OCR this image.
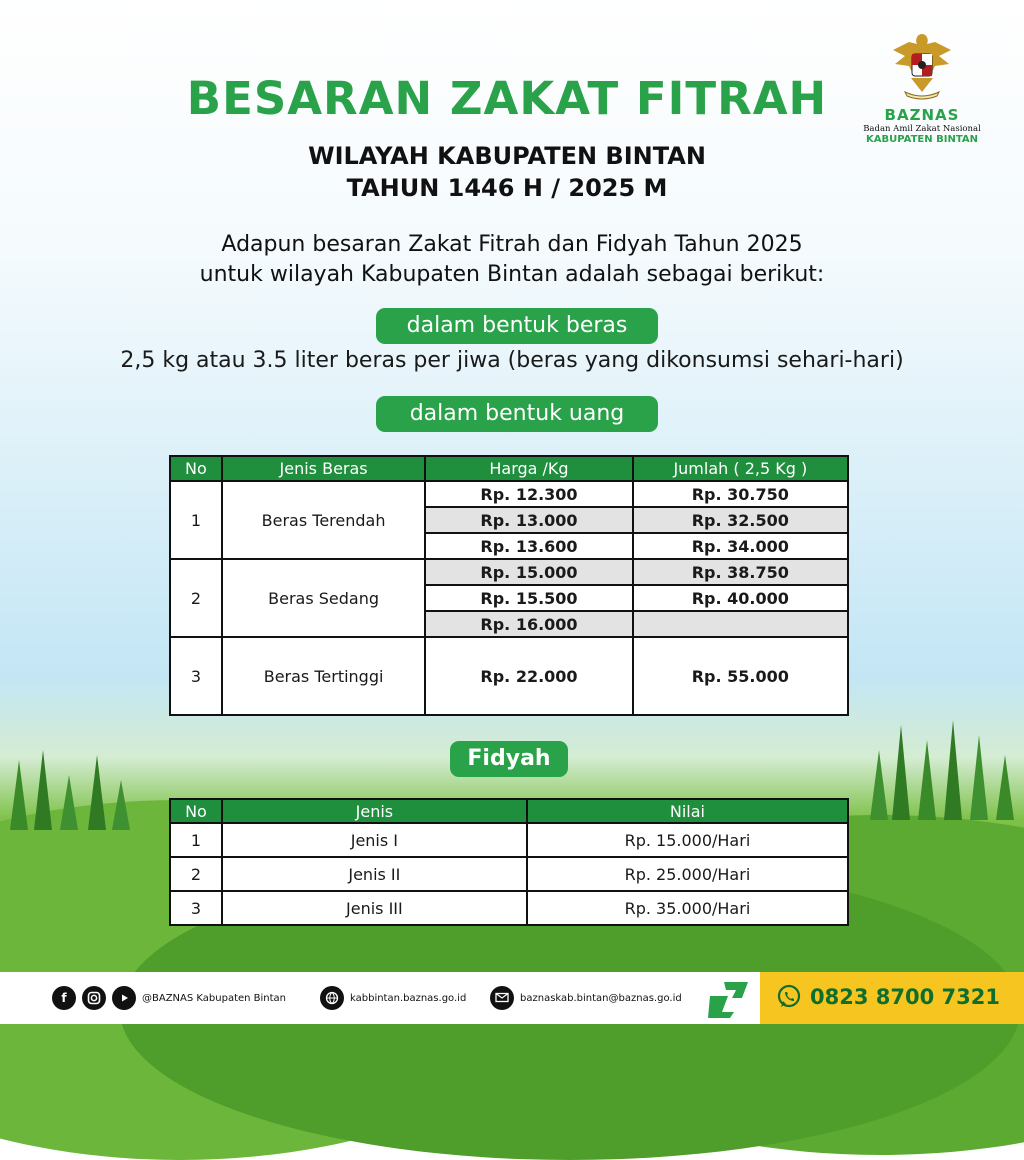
BAZNAS
Badan Amil Zakat Nasional
KABUPATEN BINTAN
BESARAN ZAKAT FITRAH
WILAYAH KABUPATEN BINTAN
TAHUN 1446 H / 2025 M
Adapun besaran Zakat Fitrah dan Fidyah Tahun 2025
untuk wilayah Kabupaten Bintan adalah sebagai berikut:
dalam bentuk beras
2,5 kg atau 3.5 liter beras per jiwa (beras yang dikonsumsi sehari-hari)
dalam bentuk uang
No	Jenis Beras	Harga /Kg	Jumlah ( 2,5 Kg )
1	Beras Terendah	Rp. 12.300	Rp. 30.750
		Rp. 13.000	Rp. 32.500
		Rp. 13.600	Rp. 34.000
2	Beras Sedang	Rp. 15.000	Rp. 38.750
		Rp. 15.500	Rp. 40.000
		Rp. 16.000	
3	Beras Tertinggi	Rp. 22.000	Rp. 55.000
Fidyah
No	Jenis	Nilai
1	Jenis I	Rp. 15.000/Hari
2	Jenis II	Rp. 25.000/Hari
3	Jenis III	Rp. 35.000/Hari
f	@BAZNAS Kabupaten Bintan	kabbintan.baznas.go.id	baznaskab.bintan@baznas.go.id	0823 8700 7321
